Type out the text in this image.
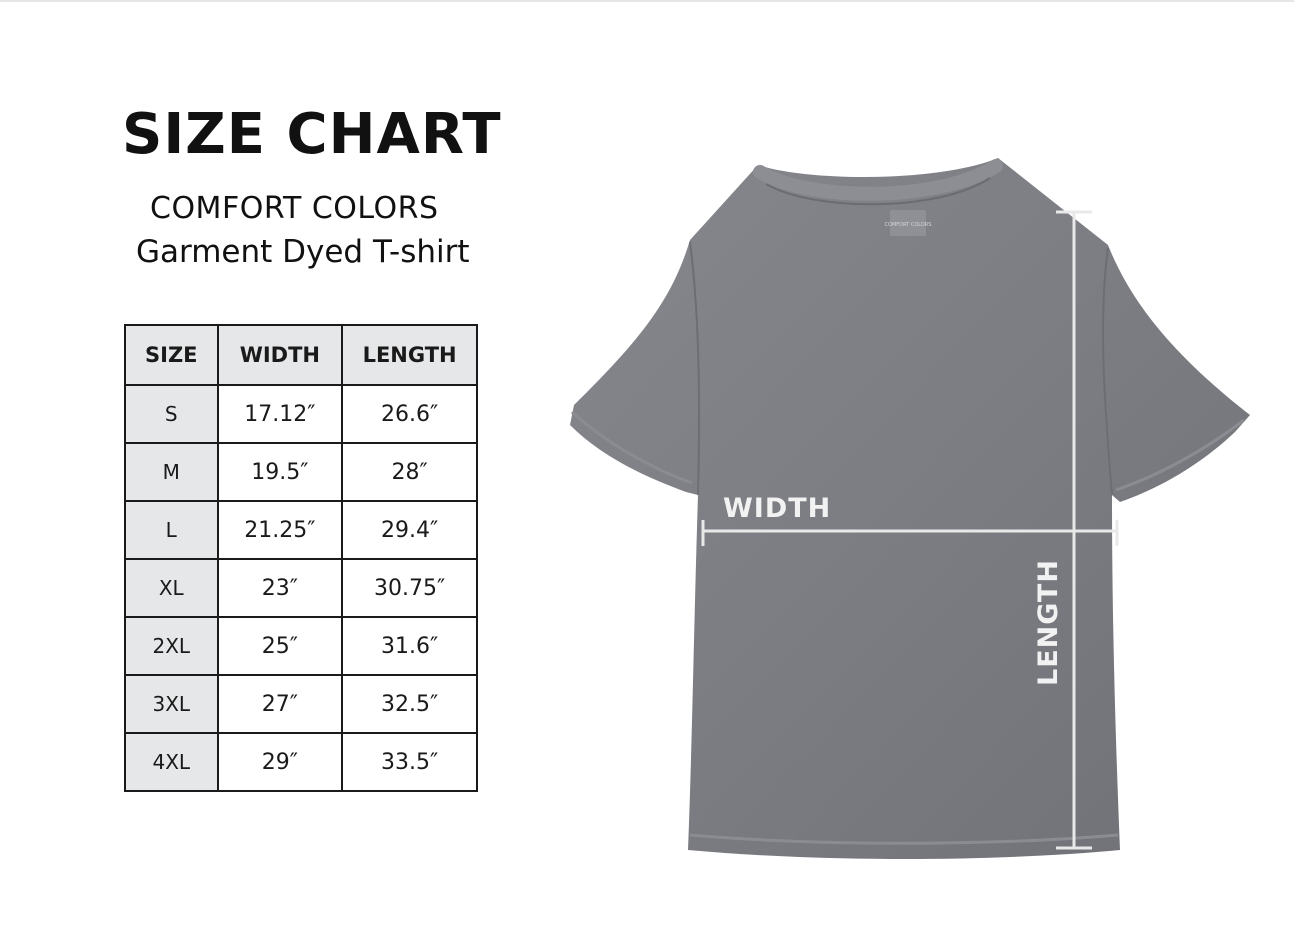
SIZE CHART
COMFORT COLORS
Garment Dyed T-shirt
SIZE	WIDTH	LENGTH
S	17.12″	26.6″
M	19.5″	28″
L	21.25″	29.4″
XL	23″	30.75″
2XL	25″	31.6″
3XL	27″	32.5″
4XL	29″	33.5″
COMFORT COLORS
WIDTH
LENGTH
